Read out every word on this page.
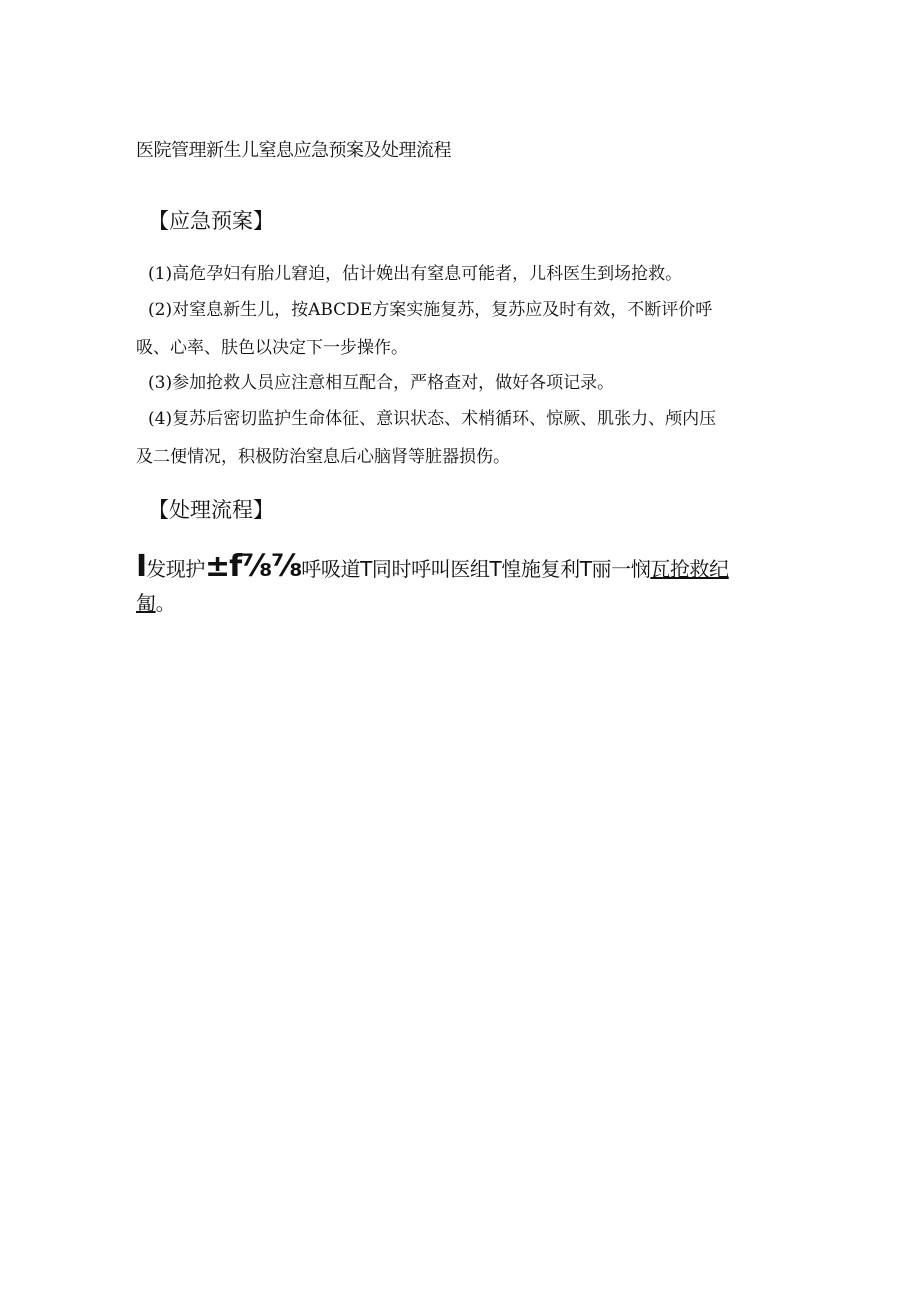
医院管理新生儿窒息应急预案及处理流程
【应急预案】
(1)高危孕妇有胎儿窘迫，估计娩出有窒息可能者，儿科医生到场抢救。
(2)对窒息新生儿，按ABCDE方案实施复苏，复苏应及时有效，不断评价呼
吸、心率、肤色以决定下一步操作。
(3)参加抢救人员应注意相互配合，严格查对，做好各项记录。
(4)复苏后密切监护生命体征、意识状态、术梢循环、惊厥、肌张力、颅内压
及二便情况，积极防治窒息后心脑肾等脏器损伤。
【处理流程】
I发现护±f⅞⅞呼吸道T同时呼叫医组T惶施复利T丽一悯瓦抢救纪
匐。
